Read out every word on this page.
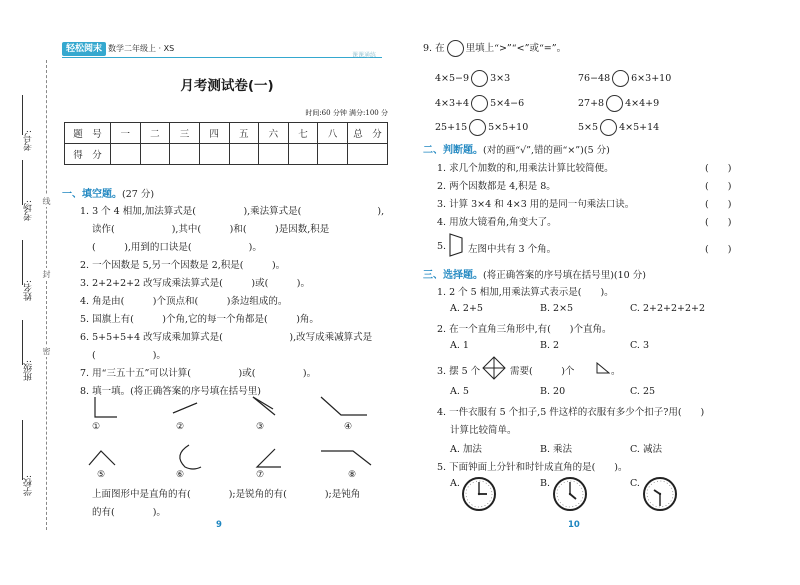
考号:
考场:
姓名:
班级:
学校:
线
封
密
轻松阅末 数学二年级上 · XS
课课通练
月考测试卷(一)
时间:60 分钟 满分:100 分
题　号	一	二	三	四	五	六	七	八	总　分
得　分									
一、填空题。(27 分)
1. 3 个 4 相加,加法算式是(　　　　　),乘法算式是(　　　　　　　　),
读作(　　　　　　),其中(　　　)和(　　　)是因数,积是
(　　　),用到的口诀是(　　　　　　)。
2. 一个因数是 5,另一个因数是 2,积是(　　　)。
3. 2+2+2+2 改写成乘法算式是(　　　)或(　　　)。
4. 角是由(　　　)个顶点和(　　　)条边组成的。
5. 国旗上有(　　　)个角,它的每一个角都是(　　　)角。
6. 5+5+5+4 改写成乘加算式是(　　　　　　　),改写成乘减算式是
(　　　　　　)。
7. 用“三五十五”可以计算(　　　　　)或(　　　　　)。
8. 填一填。(将正确答案的序号填在括号里)
①	②	③	④
⑤	⑥	⑦	⑧
上面图形中是直角的有(　　　　);是锐角的有(　　　　);是钝角
的有(　　　　)。
9
9. 在 里填上“>”“<”或“=”。
4×5−9 3×3	76−48 6×3+10
4×3+4 5×4−6	27+8 4×4+9
25+15 5×5+10	5×5 4×5+14
二、判断题。(对的画“√”,错的画“×”)(5 分)
1. 求几个加数的和,用乘法计算比较简便。	(　　)
2. 两个因数都是 4,积是 8。	(　　)
3. 计算 3×4 和 4×3 用的是同一句乘法口诀。	(　　)
4. 用放大镜看角,角变大了。	(　　)
5. 左图中共有 3 个角。	(　　)
三、选择题。(将正确答案的序号填在括号里)(10 分)
1. 2 个 5 相加,用乘法算式表示是(　　)。
A. 2+5	B. 2×5	C. 2+2+2+2+2
2. 在一个直角三角形中,有(　　)个直角。
A. 1	B. 2	C. 3
3. 摆 5 个	需要(　　　)个	。
A. 5	B. 20	C. 25
4. 一件衣服有 5 个扣子,5 件这样的衣服有多少个扣子?用(　　)
计算比较简单。
A. 加法	B. 乘法	C. 减法
5. 下面钟面上分针和时针成直角的是(　　)。
A.	B.	C.
10
